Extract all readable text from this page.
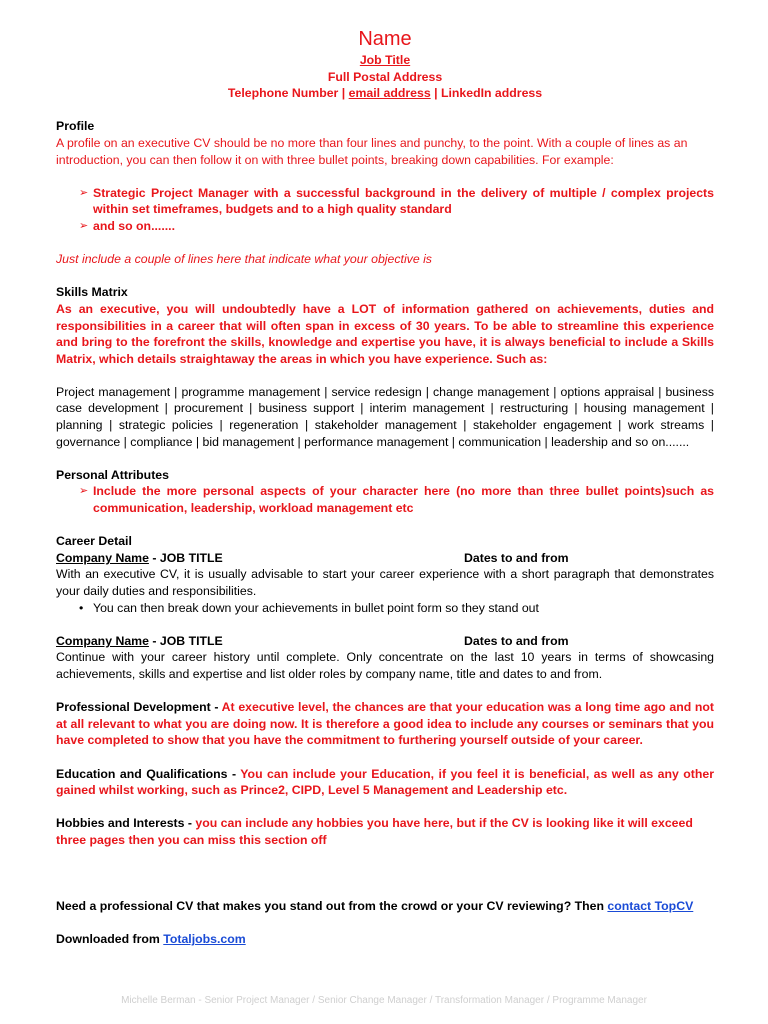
Name
Job Title
Full Postal Address
Telephone Number | email address | LinkedIn address
Profile
A profile on an executive CV should be no more than four lines and punchy, to the point. With a couple of lines as an introduction, you can then follow it on with three bullet points, breaking down capabilities. For example:
➢ Strategic Project Manager with a successful background in the delivery of multiple / complex projects within set timeframes, budgets and to a high quality standard
➢ and so on.......
Just include a couple of lines here that indicate what your objective is
Skills Matrix
As an executive, you will undoubtedly have a LOT of information gathered on achievements, duties and responsibilities in a career that will often span in excess of 30 years. To be able to streamline this experience and bring to the forefront the skills, knowledge and expertise you have, it is always beneficial to include a Skills Matrix, which details straightaway the areas in which you have experience. Such as:
Project management | programme management | service redesign | change management | options appraisal | business case development | procurement | business support | interim management | restructuring | housing management | planning | strategic policies | regeneration | stakeholder management | stakeholder engagement | work streams | governance | compliance | bid management | performance management | communication | leadership and so on.......
Personal Attributes
➢ Include the more personal aspects of your character here (no more than three bullet points)such as communication, leadership, workload management etc
Career Detail
Company Name - JOB TITLE	Dates to and from
With an executive CV, it is usually advisable to start your career experience with a short paragraph that demonstrates your daily duties and responsibilities.
• You can then break down your achievements in bullet point form so they stand out
Company Name - JOB TITLE	Dates to and from
Continue with your career history until complete. Only concentrate on the last 10 years in terms of showcasing achievements, skills and expertise and list older roles by company name, title and dates to and from.
Professional Development - At executive level, the chances are that your education was a long time ago and not at all relevant to what you are doing now. It is therefore a good idea to include any courses or seminars that you have completed to show that you have the commitment to furthering yourself outside of your career.
Education and Qualifications - You can include your Education, if you feel it is beneficial, as well as any other gained whilst working, such as Prince2, CIPD, Level 5 Management and Leadership etc.
Hobbies and Interests - you can include any hobbies you have here, but if the CV is looking like it will exceed three pages then you can miss this section off
Need a professional CV that makes you stand out from the crowd or your CV reviewing? Then contact TopCV
Downloaded from Totaljobs.com
Michelle Berman - Senior Project Manager / Senior Change Manager / Transformation Manager / Programme Manager
